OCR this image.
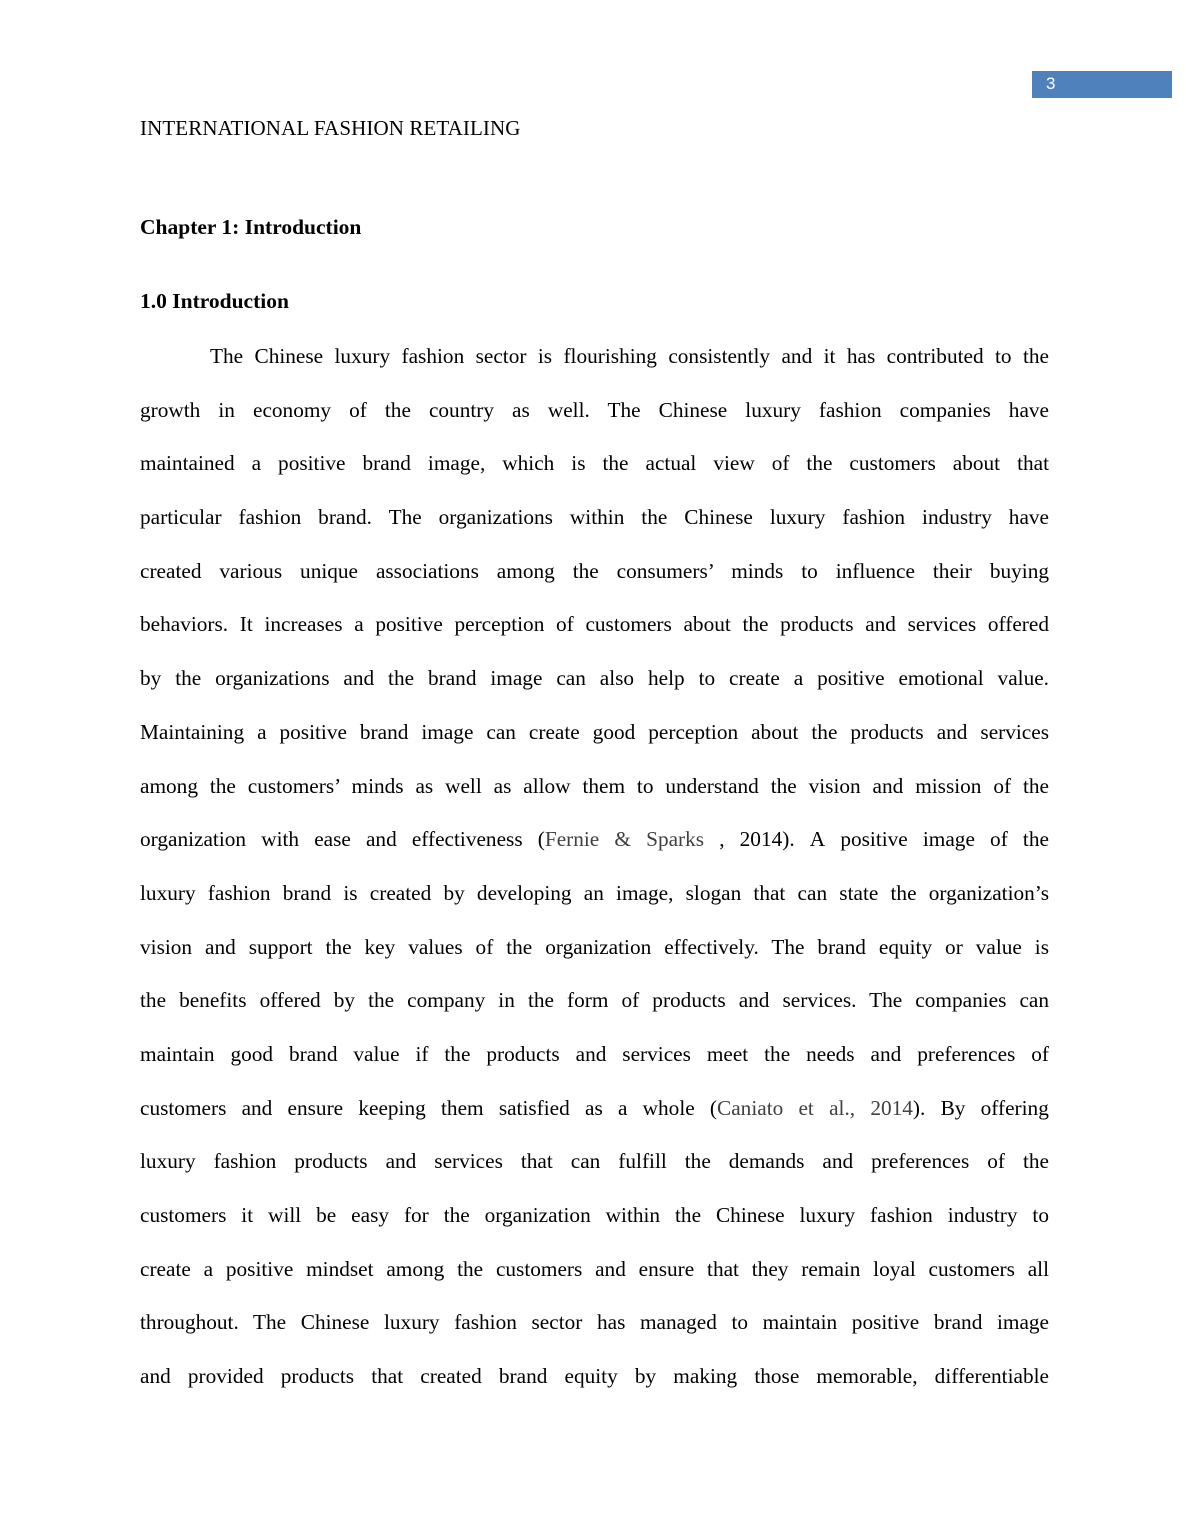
3
INTERNATIONAL FASHION RETAILING
Chapter 1: Introduction
1.0 Introduction
The Chinese luxury fashion sector is flourishing consistently and it has contributed to the
growth in economy of the country as well. The Chinese luxury fashion companies have
maintained a positive brand image, which is the actual view of the customers about that
particular fashion brand. The organizations within the Chinese luxury fashion industry have
created various unique associations among the consumers’ minds to influence their buying
behaviors. It increases a positive perception of customers about the products and services offered
by the organizations and the brand image can also help to create a positive emotional value.
Maintaining a positive brand image can create good perception about the products and services
among the customers’ minds as well as allow them to understand the vision and mission of the
organization with ease and effectiveness (Fernie & Sparks , 2014). A positive image of the
luxury fashion brand is created by developing an image, slogan that can state the organization’s
vision and support the key values of the organization effectively. The brand equity or value is
the benefits offered by the company in the form of products and services. The companies can
maintain good brand value if the products and services meet the needs and preferences of
customers and ensure keeping them satisfied as a whole (Caniato et al., 2014). By offering
luxury fashion products and services that can fulfill the demands and preferences of the
customers it will be easy for the organization within the Chinese luxury fashion industry to
create a positive mindset among the customers and ensure that they remain loyal customers all
throughout. The Chinese luxury fashion sector has managed to maintain positive brand image
and provided products that created brand equity by making those memorable, differentiable
